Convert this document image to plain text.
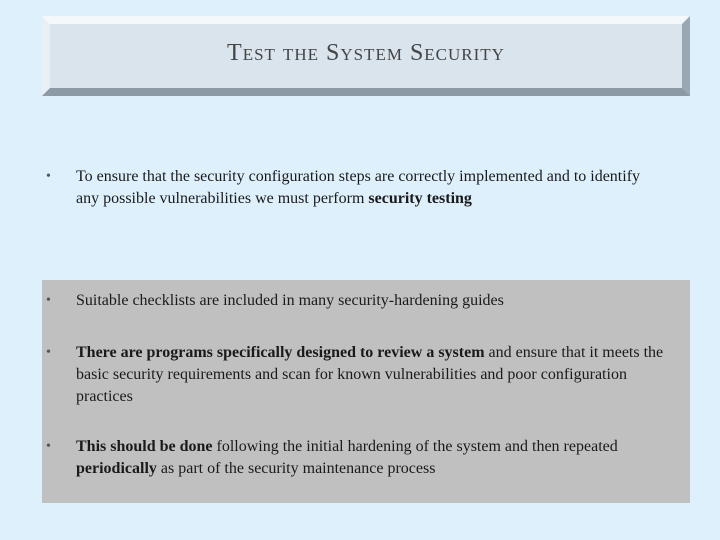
Test the System Security
•	To ensure that the security configuration steps are correctly implemented and to identify any possible vulnerabilities we must perform security testing
•	Suitable checklists are included in many security-hardening guides
•	There are programs specifically designed to review a system and ensure that it meets the basic security requirements and scan for known vulnerabilities and poor configuration practices
•	This should be done following the initial hardening of the system and then repeated periodically as part of the security maintenance process
